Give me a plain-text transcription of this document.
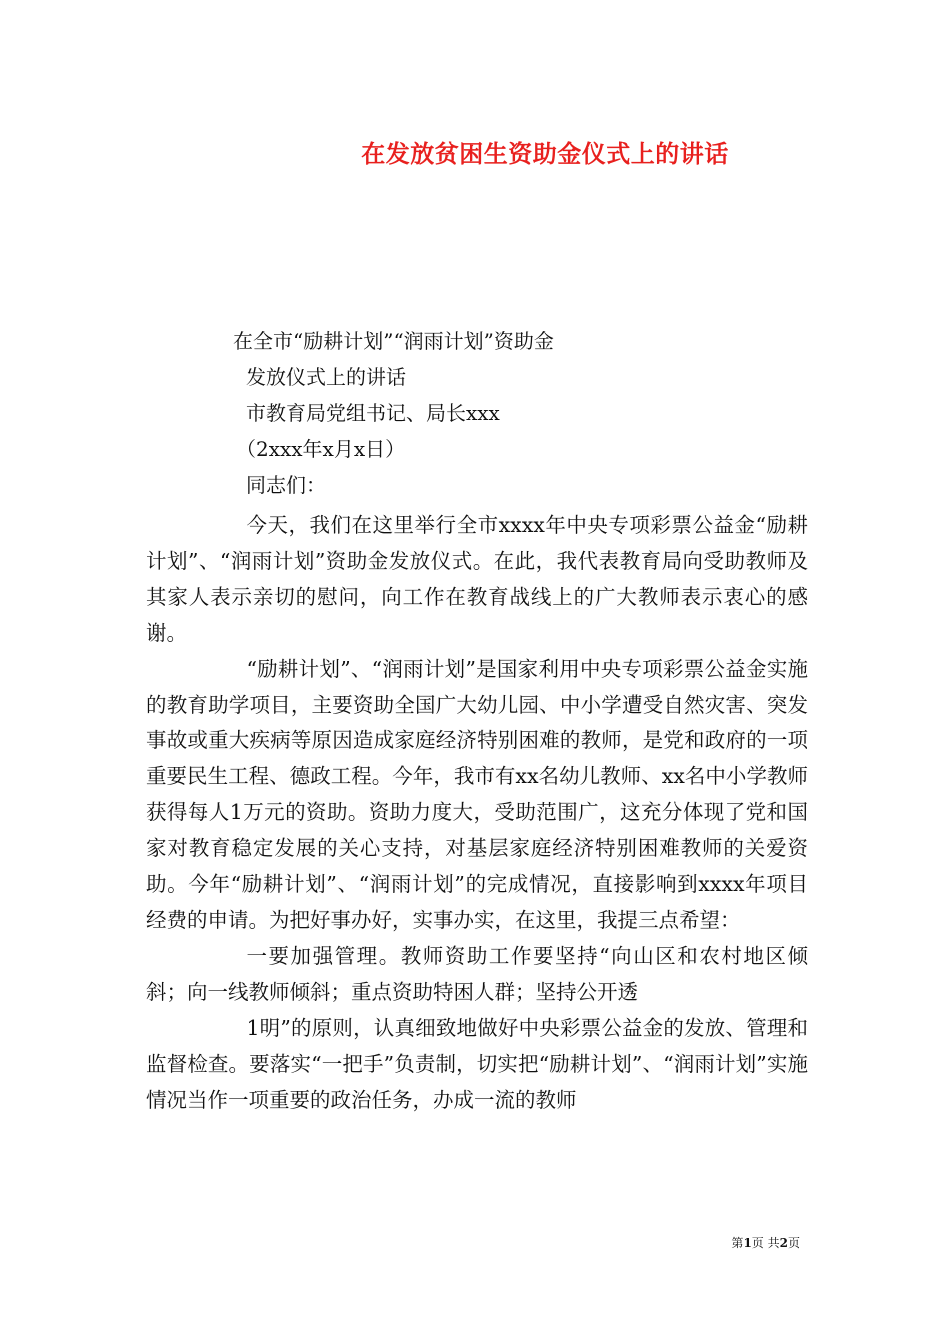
在发放贫困生资助金仪式上的讲话
在全市“励耕计划”“润雨计划”资助金
发放仪式上的讲话
市教育局党组书记、局长xxx
（2xxx年x月x日）
同志们：

今天，我们在这里举行全市xxxx年中央专项彩票公益金“励耕计划”、“润雨计划”资助金发放仪式。在此，我代表教育局向受助教师及其家人表示亲切的慰问，向工作在教育战线上的广大教师表示衷心的感谢。

“励耕计划”、“润雨计划”是国家利用中央专项彩票公益金实施的教育助学项目，主要资助全国广大幼儿园、中小学遭受自然灾害、突发事故或重大疾病等原因造成家庭经济特别困难的教师，是党和政府的一项重要民生工程、德政工程。今年，我市有xx名幼儿教师、xx名中小学教师获得每人1万元的资助。资助力度大，受助范围广，这充分体现了党和国家对教育稳定发展的关心支持，对基层家庭经济特别困难教师的关爱资助。今年“励耕计划”、“润雨计划”的完成情况，直接影响到xxxx年项目经费的申请。为把好事办好，实事办实，在这里，我提三点希望：

一要加强管理。教师资助工作要坚持“向山区和农村地区倾斜；向一线教师倾斜；重点资助特困人群；坚持公开透

1明”的原则，认真细致地做好中央彩票公益金的发放、管理和监督检查。要落实“一把手”负责制，切实把“励耕计划”、“润雨计划”实施情况当作一项重要的政治任务，办成一流的教师

第1页 共2页
